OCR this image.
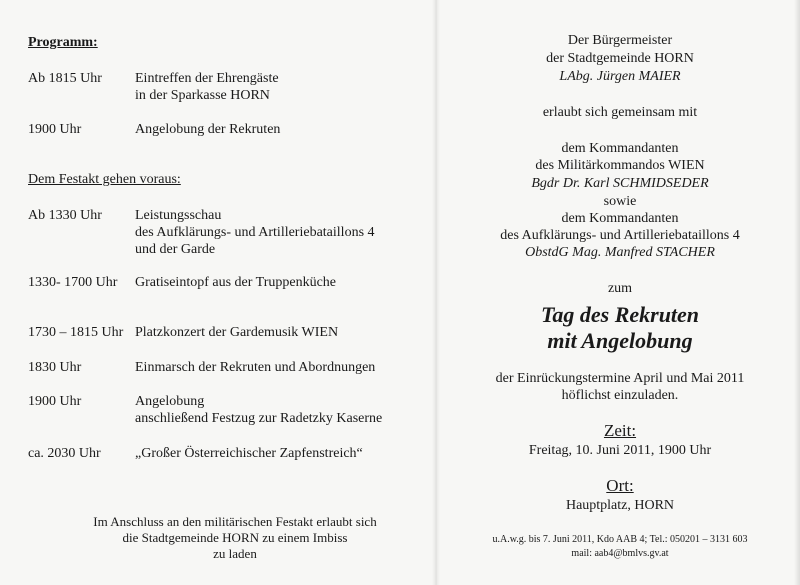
Programm:
Ab 1815 Uhr Eintreffen der Ehrengäste
in der Sparkasse HORN
1900 Uhr	Angelobung der Rekruten
Dem Festakt gehen voraus:
Ab 1330 Uhr Leistungsschau
des Aufklärungs- und Artilleriebataillons 4
und der Garde
1330- 1700 Uhr Gratiseintopf aus der Truppenküche
1730 – 1815 Uhr Platzkonzert der Gardemusik WIEN
1830 Uhr	Einmarsch der Rekruten und Abordnungen
1900 Uhr	Angelobung
anschließend Festzug zur Radetzky Kaserne
ca. 2030 Uhr „Großer Österreichischer Zapfenstreich“
Im Anschluss an den militärischen Festakt erlaubt sich
die Stadtgemeinde HORN zu einem Imbiss
zu laden
Der Bürgermeister
der Stadtgemeinde HORN
LAbg. Jürgen MAIER
erlaubt sich gemeinsam mit
dem Kommandanten
des Militärkommandos WIEN
Bgdr Dr. Karl SCHMIDSEDER
sowie
dem Kommandanten
des Aufklärungs- und Artilleriebataillons 4
ObstdG Mag. Manfred STACHER
zum
Tag des Rekruten
mit Angelobung
der Einrückungstermine April und Mai 2011
höflichst einzuladen.
Zeit:
Freitag, 10. Juni 2011, 1900 Uhr
Ort:
Hauptplatz, HORN
u.A.w.g. bis 7. Juni 2011, Kdo AAB 4; Tel.: 050201 – 3131 603
mail: aab4@bmlvs.gv.at
